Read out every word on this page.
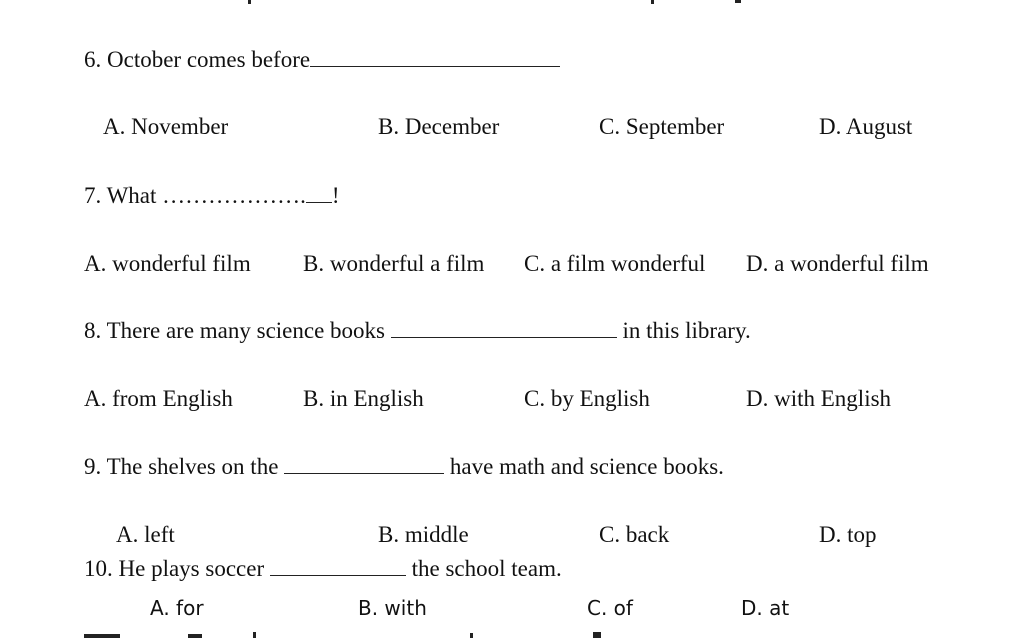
6. October comes before
A. November	B. December	C. September	D. August
7. What ………………. !
A. wonderful film B. wonderful a film C. a film wonderful D. a wonderful film
8. There are many science books	in this library.
A. from English	B. in English	C. by English	D. with English
9. The shelves on the	have math and science books.
A. left	B. middle	C. back	D. top
10. He plays soccer	the school team.
A. for	B. with	C. of	D. at
